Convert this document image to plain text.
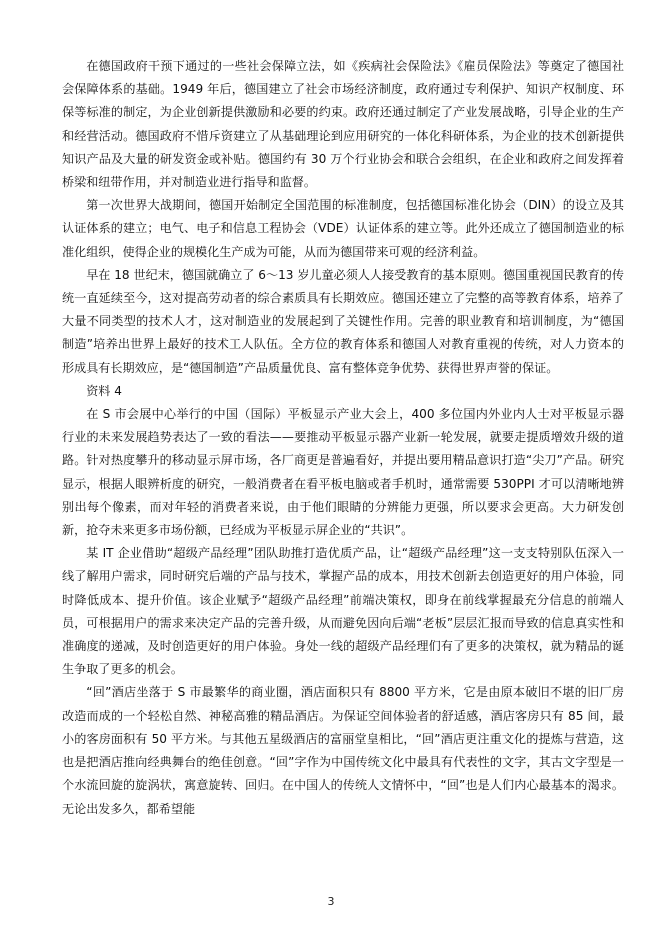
在德国政府干预下通过的一些社会保障立法，如《疾病社会保险法》《雇员保险法》等奠定了德国社会保障体系的基础。1949 年后，德国建立了社会市场经济制度，政府通过专利保护、知识产权制度、环保等标准的制定，为企业创新提供激励和必要的约束。政府还通过制定了产业发展战略，引导企业的生产和经营活动。德国政府不惜斥资建立了从基础理论到应用研究的一体化科研体系，为企业的技术创新提供知识产品及大量的研发资金或补贴。德国约有 30 万个行业协会和联合会组织，在企业和政府之间发挥着桥梁和纽带作用，并对制造业进行指导和监督。

第一次世界大战期间，德国开始制定全国范围的标准制度，包括德国标准化协会（DIN）的设立及其认证体系的建立；电气、电子和信息工程协会（VDE）认证体系的建立等。此外还成立了德国制造业的标准化组织，使得企业的规模化生产成为可能，从而为德国带来可观的经济利益。

早在 18 世纪末，德国就确立了 6～13 岁儿童必须人人接受教育的基本原则。德国重视国民教育的传统一直延续至今，这对提高劳动者的综合素质具有长期效应。德国还建立了完整的高等教育体系，培养了大量不同类型的技术人才，这对制造业的发展起到了关键性作用。完善的职业教育和培训制度，为“德国制造”培养出世界上最好的技术工人队伍。全方位的教育体系和德国人对教育重视的传统，对人力资本的形成具有长期效应，是“德国制造”产品质量优良、富有整体竞争优势、获得世界声誉的保证。

资料 4

在 S 市会展中心举行的中国（国际）平板显示产业大会上，400 多位国内外业内人士对平板显示器行业的未来发展趋势表达了一致的看法——要推动平板显示器产业新一轮发展，就要走提质增效升级的道路。针对热度攀升的移动显示屏市场，各厂商更是普遍看好，并提出要用精品意识打造“尖刀”产品。研究显示，根据人眼辨析度的研究，一般消费者在看平板电脑或者手机时，通常需要 530PPI 才可以清晰地辨别出每个像素，而对年轻的消费者来说，由于他们眼睛的分辨能力更强，所以要求会更高。大力研发创新，抢夺未来更多市场份额，已经成为平板显示屏企业的“共识”。

某 IT 企业借助“超级产品经理”团队助推打造优质产品，让“超级产品经理”这一支支特别队伍深入一线了解用户需求，同时研究后端的产品与技术，掌握产品的成本，用技术创新去创造更好的用户体验，同时降低成本、提升价值。该企业赋予“超级产品经理”前端决策权，即身在前线掌握最充分信息的前端人员，可根据用户的需求来决定产品的完善升级，从而避免因向后端“老板”层层汇报而导致的信息真实性和准确度的递减，及时创造更好的用户体验。身处一线的超级产品经理们有了更多的决策权，就为精品的诞生争取了更多的机会。

“回”酒店坐落于 S 市最繁华的商业圈，酒店面积只有 8800 平方米，它是由原本破旧不堪的旧厂房改造而成的一个轻松自然、神秘高雅的精品酒店。为保证空间体验者的舒适感，酒店客房只有 85 间，最小的客房面积有 50 平方米。与其他五星级酒店的富丽堂皇相比，“回”酒店更注重文化的提炼与营造，这也是把酒店推向经典舞台的绝佳创意。“回”字作为中国传统文化中最具有代表性的文字，其古文字型是一个水流回旋的旋涡状，寓意旋转、回归。在中国人的传统人文情怀中，“回”也是人们内心最基本的渴求。无论出发多久，都希望能

3
